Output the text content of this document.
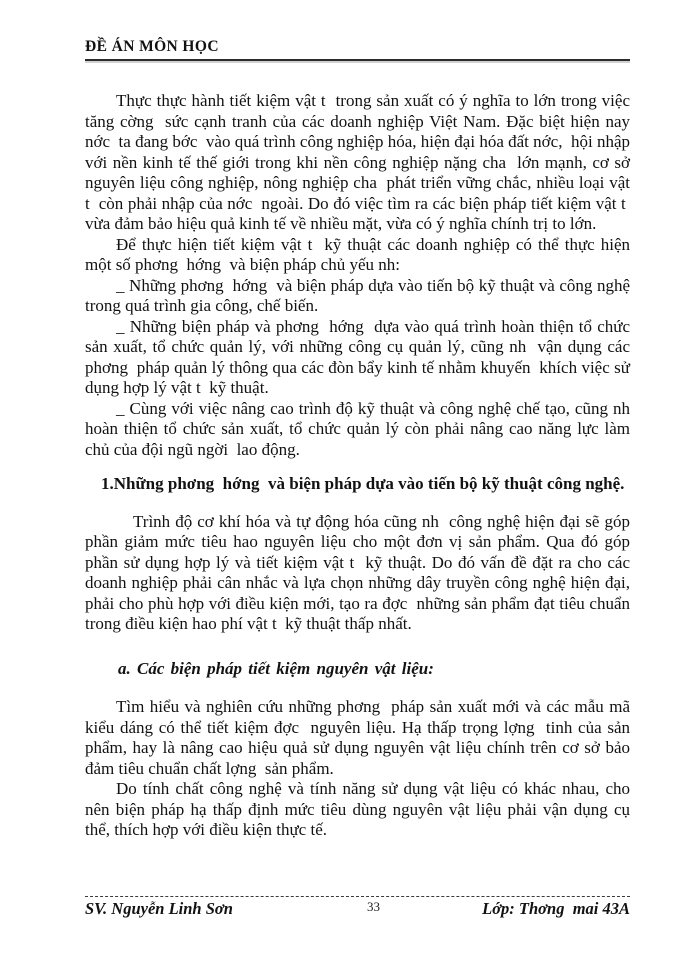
ĐỀ ÁN MÔN HỌC

Thực thực hành tiết kiệm vật t  trong sản xuất có ý nghĩa to lớn trong việc tăng cờng  sức cạnh tranh của các doanh nghiệp Việt Nam. Đặc biệt hiện nay nớc  ta đang bớc  vào quá trình công nghiệp hóa, hiện đại hóa đất nớc,  hội nhập với nền kinh tế thế giới trong khi nền công nghiệp nặng cha  lớn mạnh, cơ sở nguyên liệu công nghiệp, nông nghiệp cha  phát triển vững chắc, nhiều loại vật t  còn phải nhập của nớc  ngoài. Do đó việc tìm ra các biện pháp tiết kiệm vật t  vừa đảm bảo hiệu quả kinh tế về nhiều mặt, vừa có ý nghĩa chính trị to lớn.

Để thực hiện tiết kiệm vật t  kỹ thuật các doanh nghiệp có thể thực hiện một số phơng  hớng  và biện pháp chủ yếu nh:

_ Những phơng  hớng  và biện pháp dựa vào tiến bộ kỹ thuật và công nghệ trong quá trình gia công, chế biến.

_ Những biện pháp và phơng  hớng  dựa vào quá trình hoàn thiện tổ chức sản xuất, tổ chức quản lý, với những công cụ quản lý, cũng nh  vận dụng các phơng  pháp quản lý thông qua các đòn bẩy kinh tế nhằm khuyến  khích việc sử dụng hợp lý vật t  kỹ thuật.

_ Cùng với việc nâng cao trình độ kỹ thuật và công nghệ chế tạo, cũng nh hoàn thiện tổ chức sản xuất, tổ chức quản lý còn phải nâng cao năng lực làm chủ của đội ngũ ngời  lao động.

1.Những phơng  hớng  và biện pháp dựa vào tiến bộ kỹ thuật công nghệ.

Trình độ cơ khí hóa và tự động hóa cũng nh  công nghệ hiện đại sẽ góp phần giảm mức tiêu hao nguyên liệu cho một đơn vị sản phẩm. Qua đó góp phần sử dụng hợp lý và tiết kiệm vật t  kỹ thuật. Do đó vấn đề đặt ra cho các doanh nghiệp phải cân nhắc và lựa chọn những dây truyền công nghệ hiện đại, phải cho phù hợp với điều kiện mới, tạo ra đợc  những sản phẩm đạt tiêu chuẩn trong điều kiện hao phí vật t  kỹ thuật thấp nhất.

a. Các biện pháp tiết kiệm nguyên vật liệu:

Tìm hiểu và nghiên cứu những phơng  pháp sản xuất mới và các mẫu mã kiểu dáng có thể tiết kiệm đợc  nguyên liệu. Hạ thấp trọng lợng  tinh của sản phẩm, hay là nâng cao hiệu quả sử dụng nguyên vật liệu chính trên cơ sở bảo đảm tiêu chuẩn chất lợng  sản phẩm.

Do tính chất công nghệ và tính năng sử dụng vật liệu có khác nhau, cho nên biện pháp hạ thấp định mức tiêu dùng nguyên vật liệu phải vận dụng cụ thể, thích hợp với điều kiện thực tế.

SV. Nguyễn Linh Sơn	33	Lớp: Thơng  mai 43A
